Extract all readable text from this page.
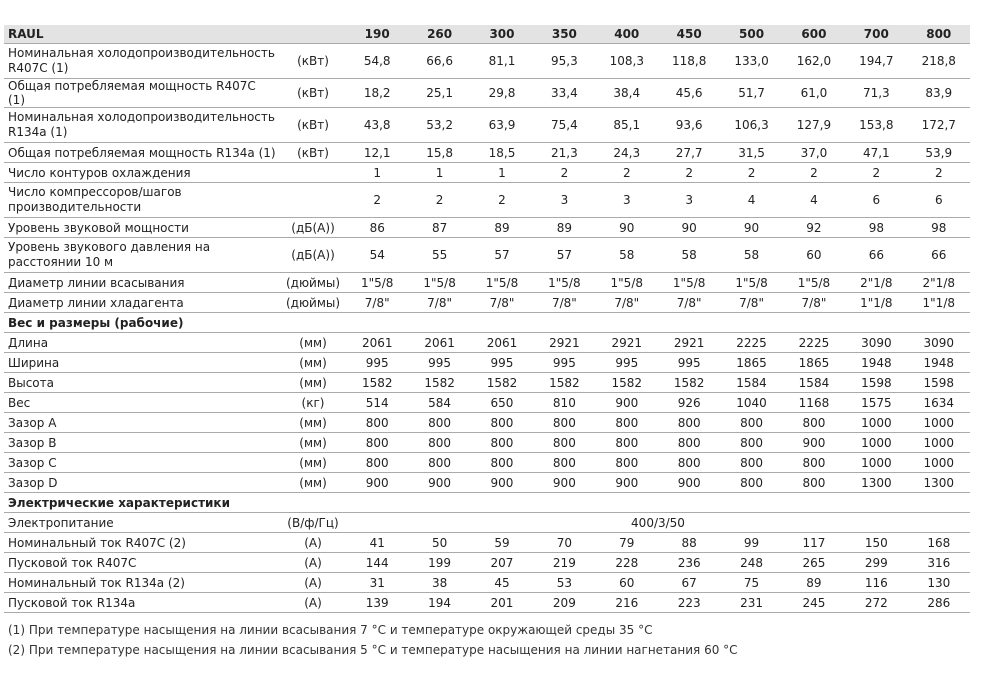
RAUL		190	260	300	350	400	450	500	600	700	800
Номинальная холодопроизводительность R407C (1)	(кВт)	54,8	66,6	81,1	95,3	108,3	118,8	133,0	162,0	194,7	218,8
Общая потребляемая мощность R407C (1)	(кВт)	18,2	25,1	29,8	33,4	38,4	45,6	51,7	61,0	71,3	83,9
Номинальная холодопроизводительность R134a (1)	(кВт)	43,8	53,2	63,9	75,4	85,1	93,6	106,3	127,9	153,8	172,7
Общая потребляемая мощность R134a (1)	(кВт)	12,1	15,8	18,5	21,3	24,3	27,7	31,5	37,0	47,1	53,9
Число контуров охлаждения		1	1	1	2	2	2	2	2	2	2
Число компрессоров/шагов производительности		2	2	2	3	3	3	4	4	6	6
Уровень звуковой мощности	(дБ(А))	86	87	89	89	90	90	90	92	98	98
Уровень звукового давления на расстоянии 10 м	(дБ(А))	54	55	57	57	58	58	58	60	66	66
Диаметр линии всасывания	(дюймы)	1"5/8	1"5/8	1"5/8	1"5/8	1"5/8	1"5/8	1"5/8	1"5/8	2"1/8	2"1/8
Диаметр линии хладагента	(дюймы)	7/8"	7/8"	7/8"	7/8"	7/8"	7/8"	7/8"	7/8"	1"1/8	1"1/8
Вес и размеры (рабочие)											
Длина	(мм)	2061	2061	2061	2921	2921	2921	2225	2225	3090	3090
Ширина	(мм)	995	995	995	995	995	995	1865	1865	1948	1948
Высота	(мм)	1582	1582	1582	1582	1582	1582	1584	1584	1598	1598
Вес	(кг)	514	584	650	810	900	926	1040	1168	1575	1634
Зазор A	(мм)	800	800	800	800	800	800	800	800	1000	1000
Зазор B	(мм)	800	800	800	800	800	800	800	900	1000	1000
Зазор C	(мм)	800	800	800	800	800	800	800	800	1000	1000
Зазор D	(мм)	900	900	900	900	900	900	800	800	1300	1300
Электрические характеристики											
Электропитание	(В/ф/Гц)	400/3/50									
Номинальный ток R407C (2)	(А)	41	50	59	70	79	88	99	117	150	168
Пусковой ток R407C	(А)	144	199	207	219	228	236	248	265	299	316
Номинальный ток R134a (2)	(А)	31	38	45	53	60	67	75	89	116	130
Пусковой ток R134a	(А)	139	194	201	209	216	223	231	245	272	286
(1) При температуре насыщения на линии всасывания 7 °C и температуре окружающей среды 35 °C
(2) При температуре насыщения на линии всасывания 5 °C и температуре насыщения на линии нагнетания 60 °C
